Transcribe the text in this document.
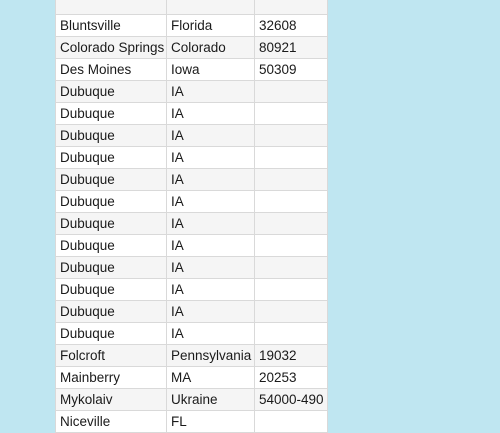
Bluntsville	Florida	32608
Colorado Springs	Colorado	80921
Des Moines	Iowa	50309
Dubuque	IA	
Dubuque	IA	
Dubuque	IA	
Dubuque	IA	
Dubuque	IA	
Dubuque	IA	
Dubuque	IA	
Dubuque	IA	
Dubuque	IA	
Dubuque	IA	
Dubuque	IA	
Dubuque	IA	
Folcroft	Pennsylvania	19032
Mainberry	MA	20253
Mykolaiv	Ukraine	54000-490
Niceville	FL	
